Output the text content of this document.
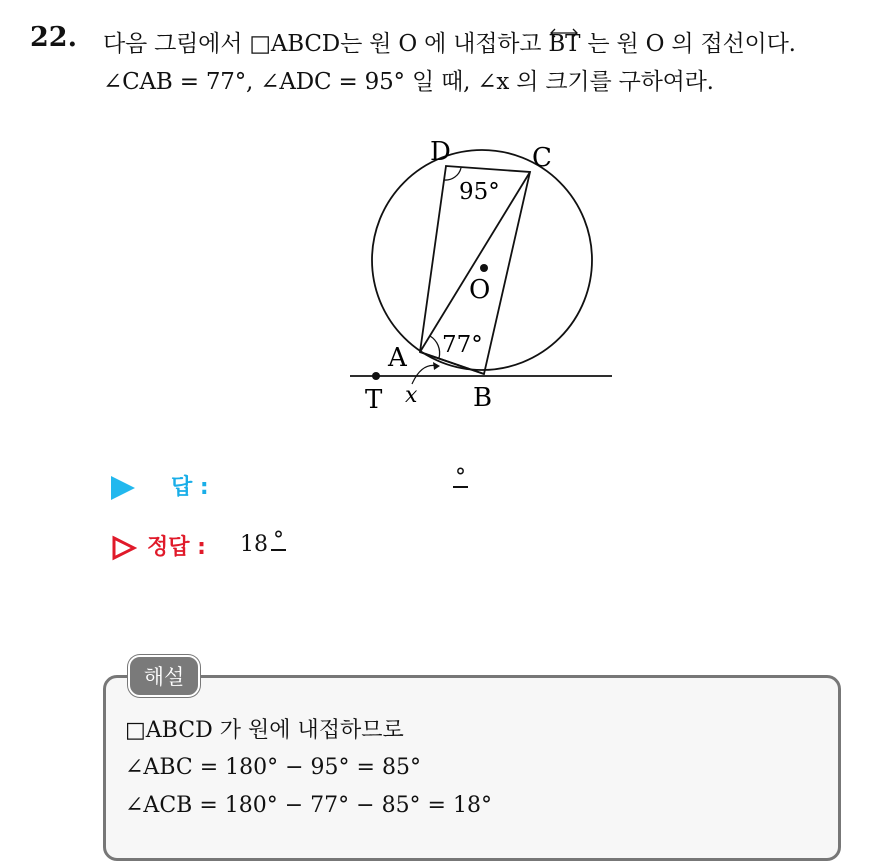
22. 다음 그림에서 □ABCD는 원 O 에 내접하고
BT 는 원 O 의 접선이다.
∠CAB = 77°, ∠ADC = 95° 일 때, ∠x 의 크기를 구하여라.
D	C
O
A
B
T
95°
77°
x
답 :	°
정답 : 18 °
해설
□ABCD 가 원에 내접하므로
∠ABC = 180° − 95° = 85°
∠ACB = 180° − 77° − 85° = 18°
